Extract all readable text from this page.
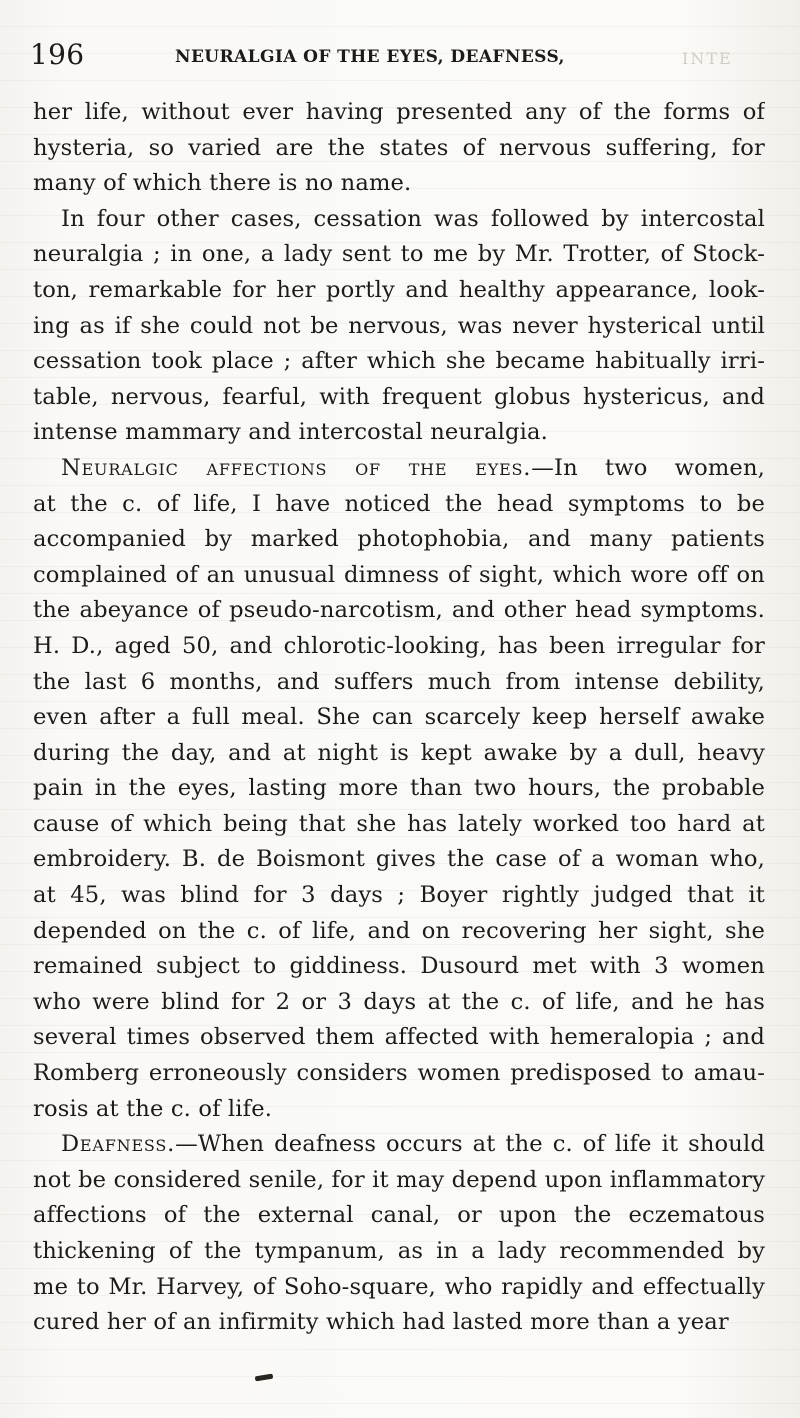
196	NEURALGIA OF THE EYES, DEAFNESS,	INTE
her life, without ever having presented any of the forms of
hysteria, so varied are the states of nervous suffering, for
many of which there is no name.
In four other cases, cessation was followed by intercostal
neuralgia ; in one, a lady sent to me by Mr. Trotter, of Stock-
ton, remarkable for her portly and healthy appearance, look-
ing as if she could not be nervous, was never hysterical until
cessation took place ; after which she became habitually irri-
table, nervous, fearful, with frequent globus hystericus, and
intense mammary and intercostal neuralgia.
Neuralgic affections of the eyes.—In two women,
at the c. of life, I have noticed the head symptoms to be
accompanied by marked photophobia, and many patients
complained of an unusual dimness of sight, which wore off on
the abeyance of pseudo-narcotism, and other head symptoms.
H. D., aged 50, and chlorotic-looking, has been irregular for
the last 6 months, and suffers much from intense debility,
even after a full meal. She can scarcely keep herself awake
during the day, and at night is kept awake by a dull, heavy
pain in the eyes, lasting more than two hours, the probable
cause of which being that she has lately worked too hard at
embroidery. B. de Boismont gives the case of a woman who,
at 45, was blind for 3 days ; Boyer rightly judged that it
depended on the c. of life, and on recovering her sight, she
remained subject to giddiness. Dusourd met with 3 women
who were blind for 2 or 3 days at the c. of life, and he has
several times observed them affected with hemeralopia ; and
Romberg erroneously considers women predisposed to amau-
rosis at the c. of life.
Deafness.—When deafness occurs at the c. of life it should
not be considered senile, for it may depend upon inflammatory
affections of the external canal, or upon the eczematous
thickening of the tympanum, as in a lady recommended by
me to Mr. Harvey, of Soho-square, who rapidly and effectually
cured her of an infirmity which had lasted more than a year
